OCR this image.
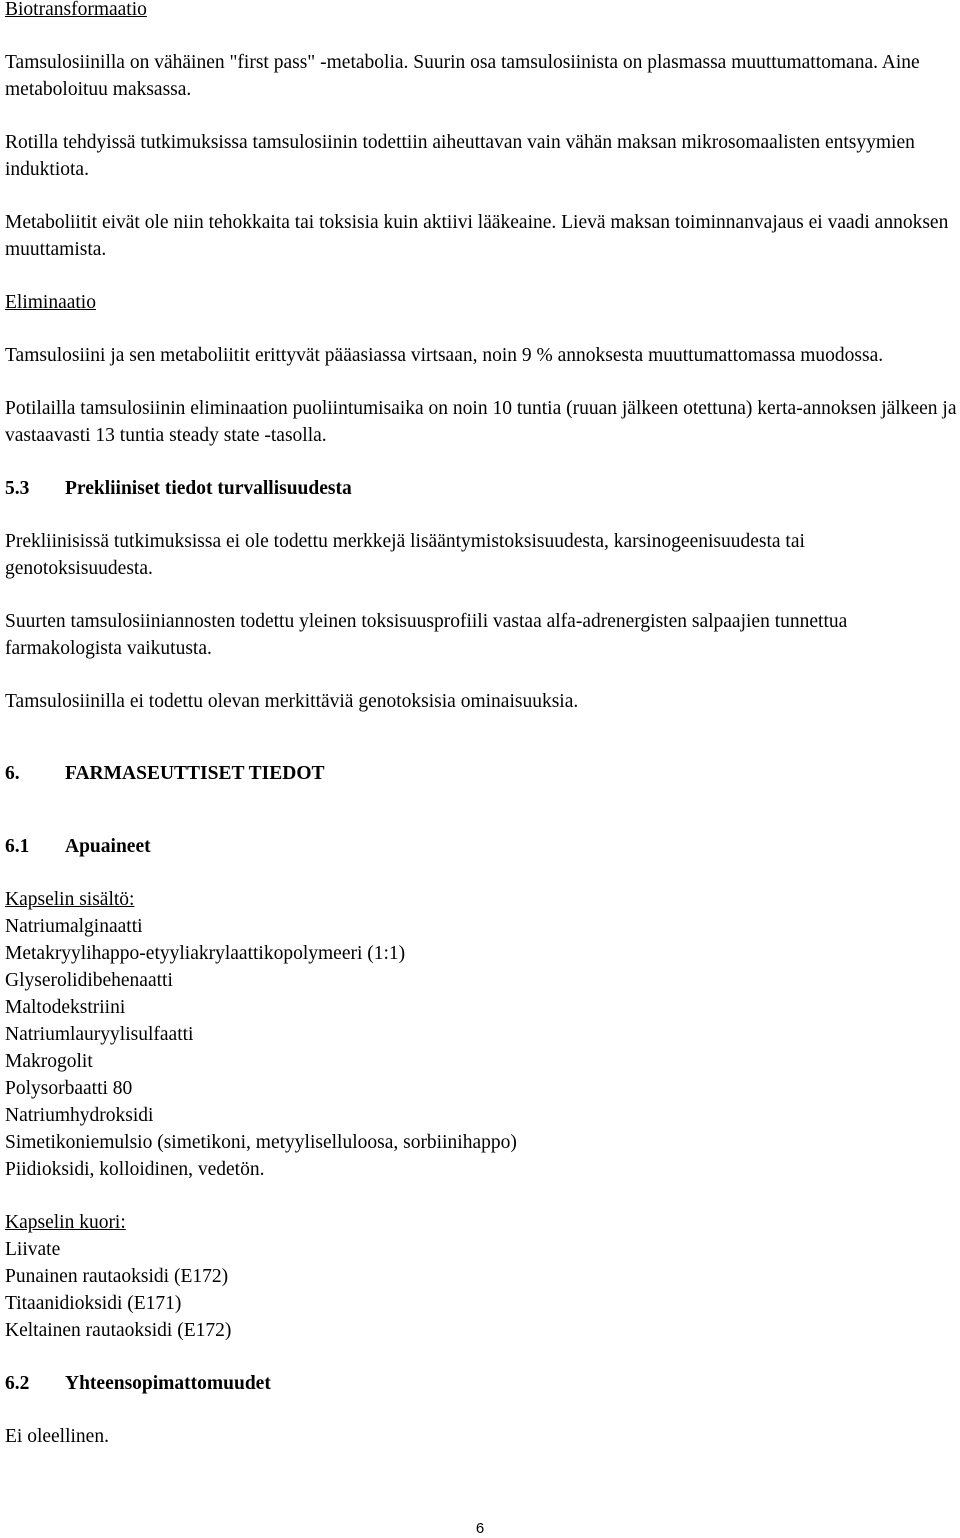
Biotransformaatio

Tamsulosiinilla on vähäinen "first pass" -metabolia. Suurin osa tamsulosiinista on plasmassa muuttumattomana. Aine metaboloituu maksassa.

Rotilla tehdyissä tutkimuksissa tamsulosiinin todettiin aiheuttavan vain vähän maksan mikrosomaalisten entsyymien induktiota.

Metaboliitit eivät ole niin tehokkaita tai toksisia kuin aktiivi lääkeaine. Lievä maksan toiminnanvajaus ei vaadi annoksen muuttamista.

Eliminaatio

Tamsulosiini ja sen metaboliitit erittyvät pääasiassa virtsaan, noin 9 % annoksesta muuttumattomassa muodossa.

Potilailla tamsulosiinin eliminaation puoliintumisaika on noin 10 tuntia (ruuan jälkeen otettuna) kerta-annoksen jälkeen ja vastaavasti 13 tuntia steady state -tasolla.

5.3 Prekliiniset tiedot turvallisuudesta

Prekliinisissä tutkimuksissa ei ole todettu merkkejä lisääntymistoksisuudesta, karsinogeenisuudesta tai genotoksisuudesta.

Suurten tamsulosiiniannosten todettu yleinen toksisuusprofiili vastaa alfa-adrenergisten salpaajien tunnettua farmakologista vaikutusta.

Tamsulosiinilla ei todettu olevan merkittäviä genotoksisia ominaisuuksia.

6. FARMASEUTTISET TIEDOT

6.1 Apuaineet

Kapselin sisältö:

Natriumalginaatti
Metakryylihappo-etyyliakrylaattikopolymeeri (1:1)
Glyserolidibehenaatti
Maltodekstriini
Natriumlauryylisulfaatti
Makrogolit
Polysorbaatti 80
Natriumhydroksidi
Simetikoniemulsio (simetikoni, metyyliselluloosa, sorbiinihappo)
Piidioksidi, kolloidinen, vedetön.

Kapselin kuori:

Liivate
Punainen rautaoksidi (E172)
Titaanidioksidi (E171)
Keltainen rautaoksidi (E172)

6.2 Yhteensopimattomuudet

Ei oleellinen.

6
